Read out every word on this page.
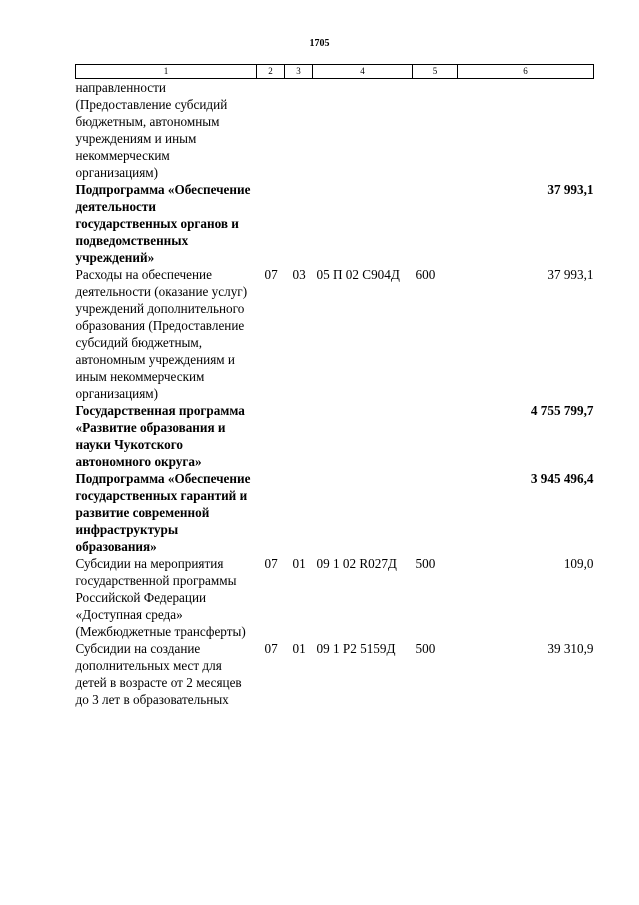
1705
1	2	3	4	5	6
направленности (Предоставление субсидий бюджетным, автономным учреждениям и иным некоммерческим организациям)					
Подпрограмма «Обеспечение деятельности государственных органов и подведомственных учреждений»					37 993,1
Расходы на обеспечение деятельности (оказание услуг) учреждений дополнительного образования (Предоставление субсидий бюджетным, автономным учреждениям и иным некоммерческим организациям)	07	03	05 П 02 С904Д	600	37 993,1
Государственная программа «Развитие образования и науки Чукотского автономного округа»					4 755 799,7
Подпрограмма «Обеспечение государственных гарантий и развитие современной инфраструктуры образования»					3 945 496,4
Субсидии на мероприятия государственной программы Российской Федерации «Доступная среда» (Межбюджетные трансферты)	07	01	09 1 02 R027Д	500	109,0
Субсидии на создание дополнительных мест для детей в возрасте от 2 месяцев до 3 лет в образовательных	07	01	09 1 Р2 5159Д	500	39 310,9
